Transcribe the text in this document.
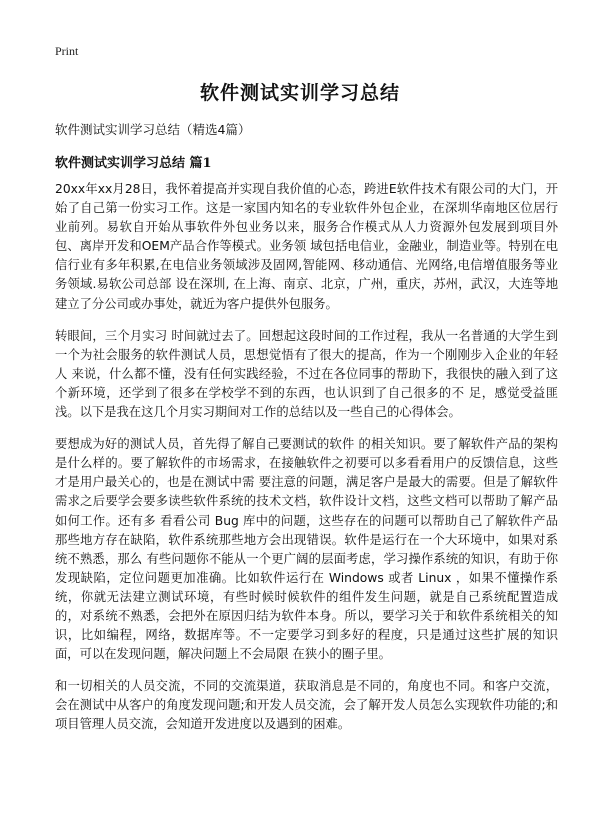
Print
软件测试实训学习总结

软件测试实训学习总结（精选4篇）

软件测试实训学习总结 篇1

20xx年xx月28日，我怀着提高并实现自我价值的心态，跨进E软件技术有限公司的大门，开始了自己第一份实习工作。这是一家国内知名的专业软件外包企业，在深圳华南地区位居行业前列。易软自开始从事软件外包业务以来，服务合作模式从人力资源外包发展到项目外包、离岸开发和OEM产品合作等模式。业务领 域包括电信业，金融业，制造业等。特别在电信行业有多年积累,在电信业务领域涉及固网,智能网、移动通信、光网络,电信增值服务等业务领域.易软公司总部 设在深圳, 在上海、南京、北京，广州，重庆，苏州，武汉，大连等地建立了分公司或办事处，就近为客户提供外包服务。

转眼间，三个月实习 时间就过去了。回想起这段时间的工作过程，我从一名普通的大学生到一个为社会服务的软件测试人员，思想觉悟有了很大的提高，作为一个刚刚步入企业的年轻人 来说，什么都不懂，没有任何实践经验，不过在各位同事的帮助下，我很快的融入到了这个新环境，还学到了很多在学校学不到的东西，也认识到了自己很多的不 足，感觉受益匪浅。以下是我在这几个月实习期间对工作的总结以及一些自己的心得体会。

要想成为好的测试人员，首先得了解自己要测试的软件 的相关知识。要了解软件产品的架构是什么样的。要了解软件的市场需求，在接触软件之初要可以多看看用户的反馈信息，这些才是用户最关心的，也是在测试中需 要注意的问题，满足客户是最大的需要。但是了解软件需求之后要学会要多读些软件系统的技术文档，软件设计文档，这些文档可以帮助了解产品如何工作。还有多 看看公司 Bug 库中的问题，这些存在的问题可以帮助自己了解软件产品那些地方存在缺陷，软件系统那些地方会出现错误。软件是运行在一个大环境中，如果对系统不熟悉，那么 有些问题你不能从一个更广阔的层面考虑，学习操作系统的知识，有助于你发现缺陷，定位问题更加准确。比如软件运行在 Windows 或者 Linux ，如果不懂操作系统，你就无法建立测试环境，有些时候时候软件的组件发生问题，就是自己系统配置造成的，对系统不熟悉，会把外在原因归结为软件本身。所以，要学习关于和软件系统相关的知识，比如编程，网络，数据库等。不一定要学习到多好的程度，只是通过这些扩展的知识面，可以在发现问题，解决问题上不会局限 在狭小的圈子里。

和一切相关的人员交流，不同的交流渠道，获取消息是不同的，角度也不同。和客户交流，会在测试中从客户的角度发现问题;和开发人员交流，会了解开发人员怎么实现软件功能的;和项目管理人员交流，会知道开发进度以及遇到的困难。
